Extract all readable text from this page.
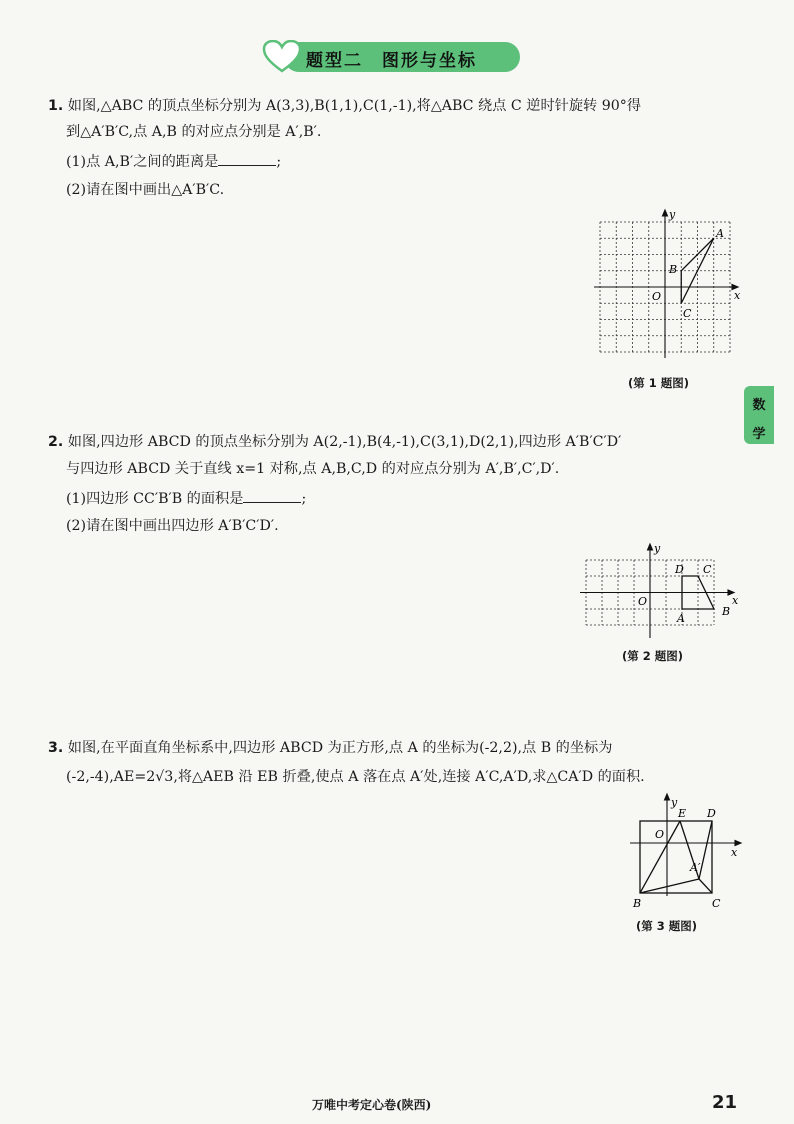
题型二　图形与坐标
数
学
1. 如图,△ABC 的顶点坐标分别为 A(3,3),B(1,1),C(1,-1),将△ABC 绕点 C 逆时针旋转 90°得
到△A′B′C,点 A,B 的对应点分别是 A′,B′.
(1)点 A,B′之间的距离是	;
(2)请在图中画出△A′B′C.
x
y
O
A
B
C
(第 1 题图)
2. 如图,四边形 ABCD 的顶点坐标分别为 A(2,-1),B(4,-1),C(3,1),D(2,1),四边形 A′B′C′D′
与四边形 ABCD 关于直线 x=1 对称,点 A,B,C,D 的对应点分别为 A′,B′,C′,D′.
(1)四边形 CC′B′B 的面积是	;
(2)请在图中画出四边形 A′B′C′D′.
x
y
O
D C
A
B
(第 2 题图)
3. 如图,在平面直角坐标系中,四边形 ABCD 为正方形,点 A 的坐标为(-2,2),点 B 的坐标为
(-2,-4),AE=2√3,将△AEB 沿 EB 折叠,使点 A 落在点 A′处,连接 A′C,A′D,求△CA′D 的面积.
y
E D
O
x
A′
B	C
(第 3 题图)
万唯中考定心卷(陕西)	21
